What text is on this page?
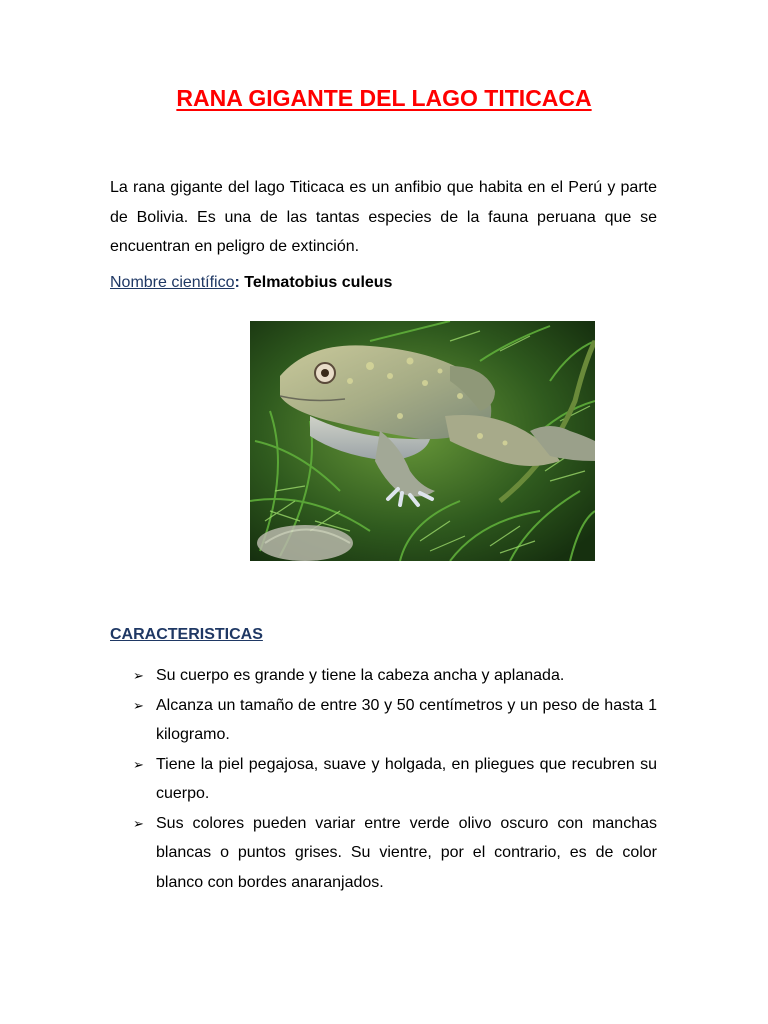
RANA GIGANTE DEL LAGO TITICACA

La rana gigante del lago Titicaca es un anfibio que habita en el Perú y parte de Bolivia. Es una de las tantas especies de la fauna peruana que se encuentran en peligro de extinción.

Nombre científico: Telmatobius culeus

CARACTERISTICAS

➢ Su cuerpo es grande y tiene la cabeza ancha y aplanada.
➢ Alcanza un tamaño de entre 30 y 50 centímetros y un peso de hasta 1 kilogramo.
➢ Tiene la piel pegajosa, suave y holgada, en pliegues que recubren su cuerpo.
➢ Sus colores pueden variar entre verde olivo oscuro con manchas blancas o puntos grises. Su vientre, por el contrario, es de color blanco con bordes anaranjados.
